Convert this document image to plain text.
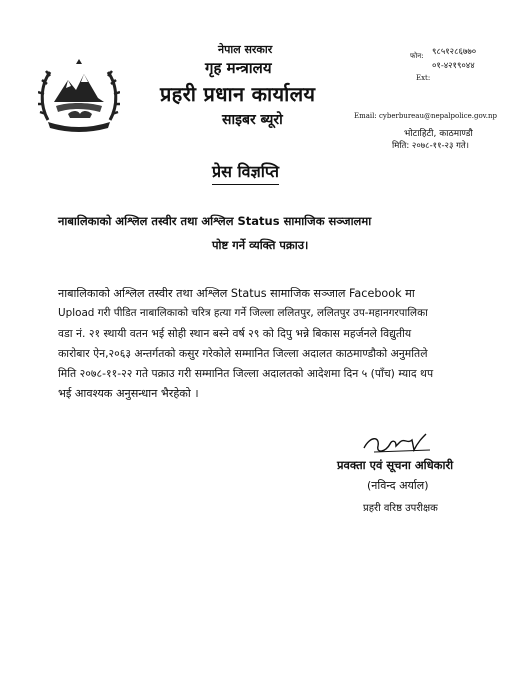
नेपाल सरकार
गृह मन्त्रालय
प्रहरी प्रधान कार्यालय
साइबर ब्यूरो
फोन: ९८५१२८६७७०
०१-४२१९०४४
Ext:
Email: cyberbureau@nepalpolice.gov.np
भोटाहिटी, काठमाण्डौ
मिति: २०७८-११-२३ गते।
प्रेस विज्ञप्ति
नाबालिकाको अश्लिल तस्वीर तथा अश्लिल Status सामाजिक सञ्जालमा
पोष्ट गर्ने व्यक्ति पक्राउ।
नाबालिकाको अश्लिल तस्वीर तथा अश्लिल Status सामाजिक सञ्जाल Facebook मा
Upload गरी पीडित नाबालिकाको चरित्र हत्या गर्ने जिल्ला ललितपुर, ललितपुर उप-महानगरपालिका
वडा नं. २१ स्थायी वतन भई सोही स्थान बस्ने वर्ष २९ को दिपु भन्ने बिकास महर्जनले विद्युतीय
कारोबार ऐन,२०६३ अन्तर्गतको कसुर गरेकोले सम्मानित जिल्ला अदालत काठमाण्डौको अनुमतिले
मिति २०७८-११-२२ गते पक्राउ गरी सम्मानित जिल्ला अदालतको आदेशमा दिन ५ (पाँच) म्याद थप
भई आवश्यक अनुसन्धान भैरहेको ।
प्रवक्ता एवं सूचना अधिकारी
(नविन्द अर्याल)
प्रहरी वरिष्ठ उपरीक्षक
